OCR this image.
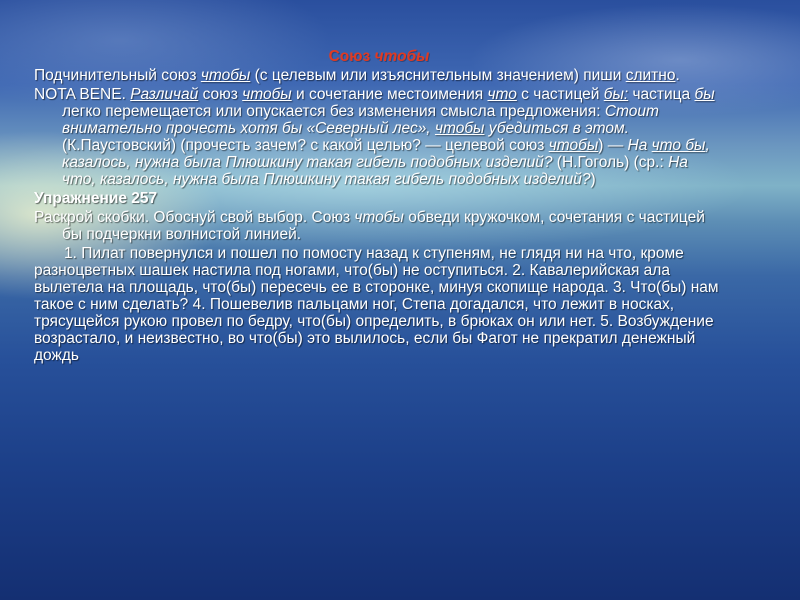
Союз чтобы
Подчинительный союз чтобы (с целевым или изъяснительным значением) пиши слитно.
NOTA BENE. Различай союз чтобы и сочетание местоимения что с частицей бы: частица бы легко перемещается или опускается без изменения смысла предложения: Стоит внимательно прочесть хотя бы «Северный лес», чтобы убедиться в этом. (К.Паустовский) (прочесть зачем? с какой целью? — целевой союз чтобы) — На что бы, казалось, нужна была Плюшкину такая гибель подобных изделий? (Н.Гоголь) (ср.: На что, казалось, нужна была Плюшкину такая гибель подобных изделий?)
Упражнение 257
Раскрой скобки. Обоснуй свой выбор. Союз чтобы обведи кружочком, сочетания с частицей бы подчеркни волнистой линией.
1. Пилат повернулся и пошел по помосту назад к ступеням, не глядя ни на что, кроме разноцветных шашек настила под ногами, что(бы) не оступиться. 2. Кавалерийская ала вылетела на площадь, что(бы) пересечь ее в сторонке, минуя скопище народа. 3. Что(бы) нам такое с ним сделать? 4. Пошевелив пальцами ног, Степа догадался, что лежит в носках, трясущейся рукою провел по бедру, что(бы) определить, в брюках он или нет. 5. Возбуждение возрастало, и неизвестно, во что(бы) это вылилось, если бы Фагот не прекратил денежный дождь
